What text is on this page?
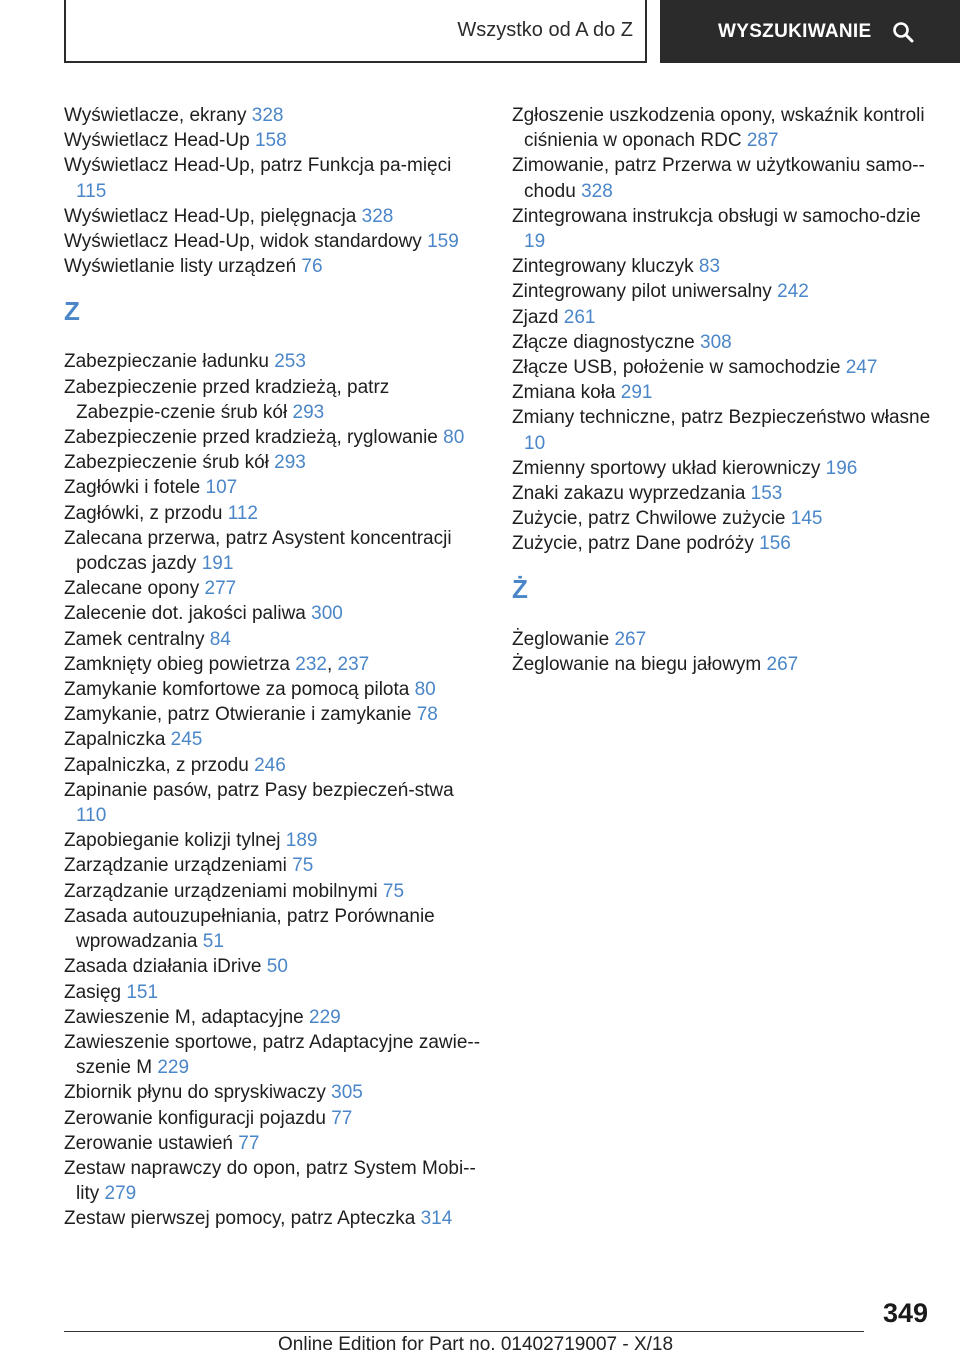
Wszystko od A do Z	WYSZUKIWANIE
Wyświetlacze, ekrany 328
Wyświetlacz Head-Up 158
Wyświetlacz Head-Up, patrz Funkcja pa‐mięci 115
Wyświetlacz Head-Up, pielęgnacja 328
Wyświetlacz Head-Up, widok standardowy 159
Wyświetlanie listy urządzeń 76
Z
Zabezpieczanie ładunku 253
Zabezpieczenie przed kradzieżą, patrz Zabezpie‐czenie śrub kół 293
Zabezpieczenie przed kradzieżą, ryglowanie 80
Zabezpieczenie śrub kół 293
Zagłówki i fotele 107
Zagłówki, z przodu 112
Zalecana przerwa, patrz Asystent koncentracji podczas jazdy 191
Zalecane opony 277
Zalecenie dot. jakości paliwa 300
Zamek centralny 84
Zamknięty obieg powietrza 232, 237
Zamykanie komfortowe za pomocą pilota 80
Zamykanie, patrz Otwieranie i zamykanie 78
Zapalniczka 245
Zapalniczka, z przodu 246
Zapinanie pasów, patrz Pasy bezpieczeń‐stwa 110
Zapobieganie kolizji tylnej 189
Zarządzanie urządzeniami 75
Zarządzanie urządzeniami mobilnymi 75
Zasada autouzupełniania, patrz Porównanie wprowadzania 51
Zasada działania iDrive 50
Zasięg 151
Zawieszenie M, adaptacyjne 229
Zawieszenie sportowe, patrz Adaptacyjne zawie‐szenie M 229
Zbiornik płynu do spryskiwaczy 305
Zerowanie konfiguracji pojazdu 77
Zerowanie ustawień 77
Zestaw naprawczy do opon, patrz System Mobi‐lity 279
Zestaw pierwszej pomocy, patrz Apteczka 314
Zgłoszenie uszkodzenia opony, wskaźnik kontroli ciśnienia w oponach RDC 287
Zimowanie, patrz Przerwa w użytkowaniu samo‐chodu 328
Zintegrowana instrukcja obsługi w samocho‐dzie 19
Zintegrowany kluczyk 83
Zintegrowany pilot uniwersalny 242
Zjazd 261
Złącze diagnostyczne 308
Złącze USB, położenie w samochodzie 247
Zmiana koła 291
Zmiany techniczne, patrz Bezpieczeństwo własne 10
Zmienny sportowy układ kierowniczy 196
Znaki zakazu wyprzedzania 153
Zużycie, patrz Chwilowe zużycie 145
Zużycie, patrz Dane podróży 156
Ż
Żeglowanie 267
Żeglowanie na biegu jałowym 267
349
Online Edition for Part no. 01402719007 - X/18
